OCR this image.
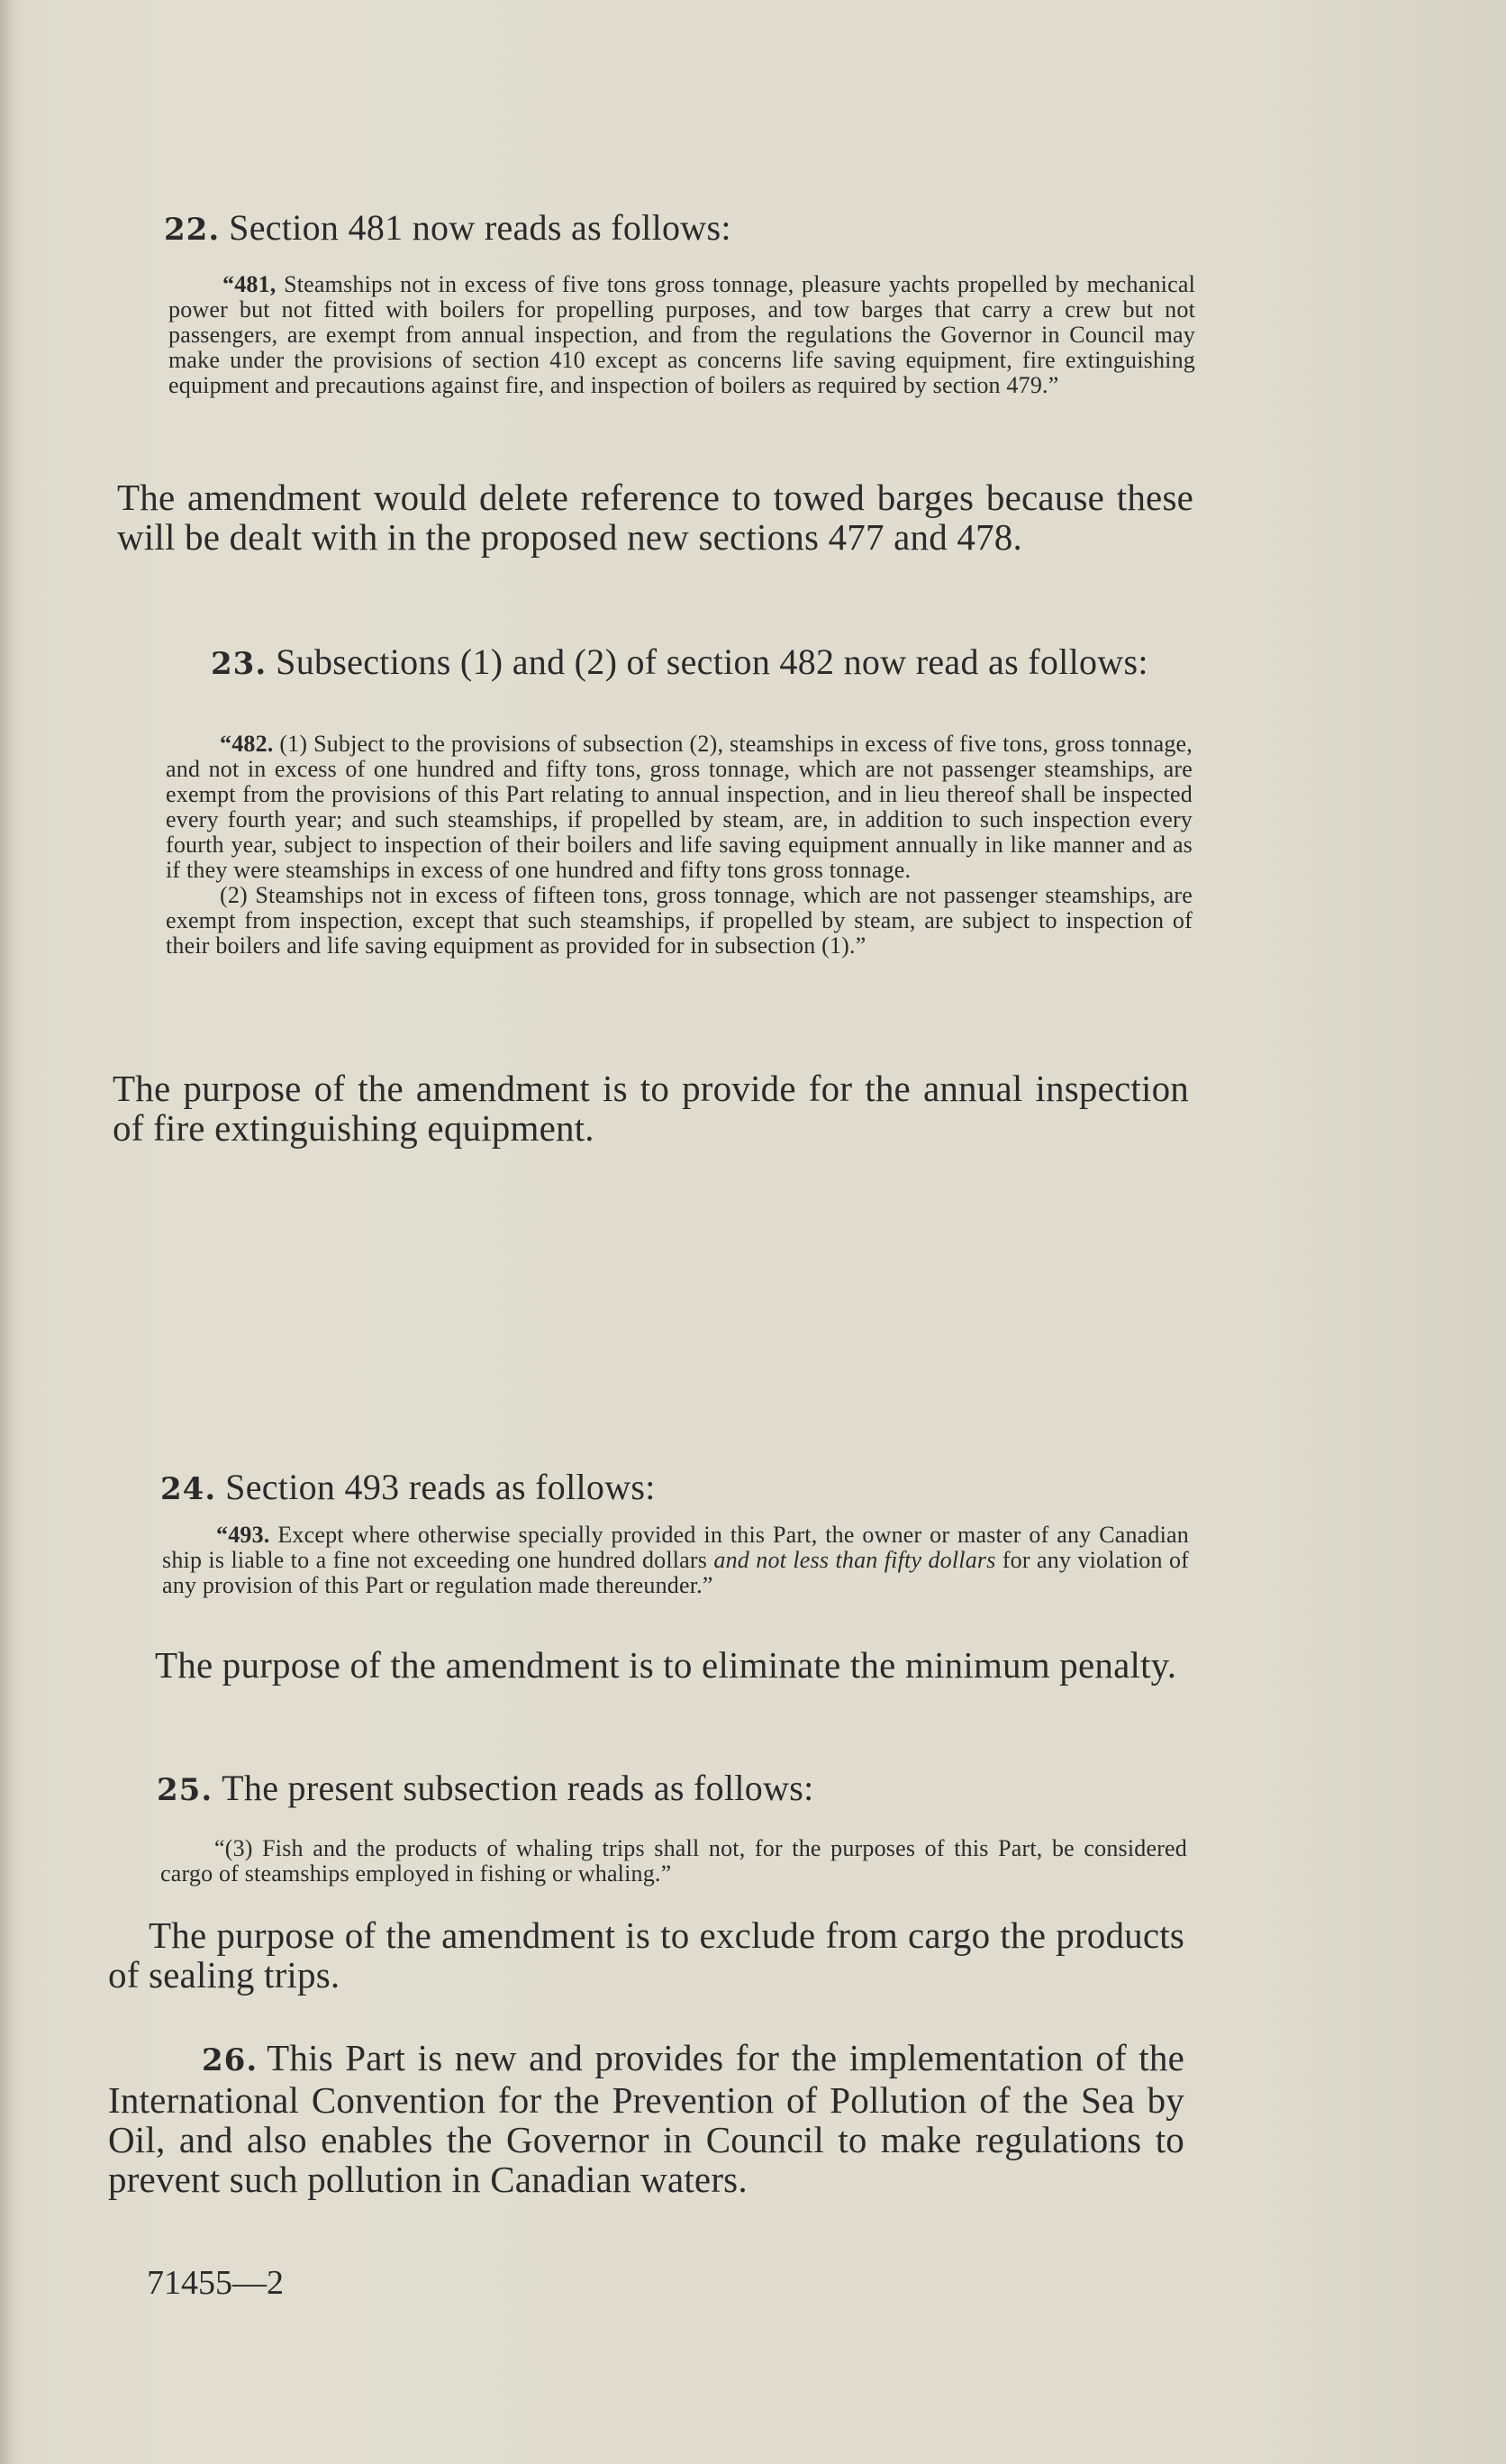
22. Section 481 now reads as follows:

“481, Steamships not in excess of five tons gross tonnage, pleasure yachts propelled by mechanical power but not fitted with boilers for propelling purposes, and tow barges that carry a crew but not passengers, are exempt from annual inspection, and from the regulations the Governor in Council may make under the provisions of section 410 except as concerns life saving equipment, fire extinguishing equipment and precautions against fire, and inspection of boilers as required by section 479.”

The amendment would delete reference to towed barges because these will be dealt with in the proposed new sections 477 and 478.

23. Subsections (1) and (2) of section 482 now read as follows:

“482. (1) Subject to the provisions of subsection (2), steamships in excess of five tons, gross tonnage, and not in excess of one hundred and fifty tons, gross tonnage, which are not passenger steamships, are exempt from the provisions of this Part relating to annual inspection, and in lieu thereof shall be inspected every fourth year; and such steamships, if propelled by steam, are, in addition to such inspection every fourth year, subject to inspection of their boilers and life saving equipment annually in like manner and as if they were steamships in excess of one hundred and fifty tons gross tonnage.

(2) Steamships not in excess of fifteen tons, gross tonnage, which are not passenger steamships, are exempt from inspection, except that such steamships, if propelled by steam, are subject to inspection of their boilers and life saving equipment as provided for in subsection (1).”

The purpose of the amendment is to provide for the annual inspection of fire extinguishing equipment.

24. Section 493 reads as follows:

“493. Except where otherwise specially provided in this Part, the owner or master of any Canadian ship is liable to a fine not exceeding one hundred dollars and not less than fifty dollars for any violation of any provision of this Part or regulation made thereunder.”

The purpose of the amendment is to eliminate the minimum penalty.

25. The present subsection reads as follows:

“(3) Fish and the products of whaling trips shall not, for the purposes of this Part, be considered cargo of steamships employed in fishing or whaling.”

The purpose of the amendment is to exclude from cargo the products of sealing trips.

26. This Part is new and provides for the implementation of the International Convention for the Prevention of Pollution of the Sea by Oil, and also enables the Governor in Council to make regulations to prevent such pollution in Canadian waters.

71455—2
